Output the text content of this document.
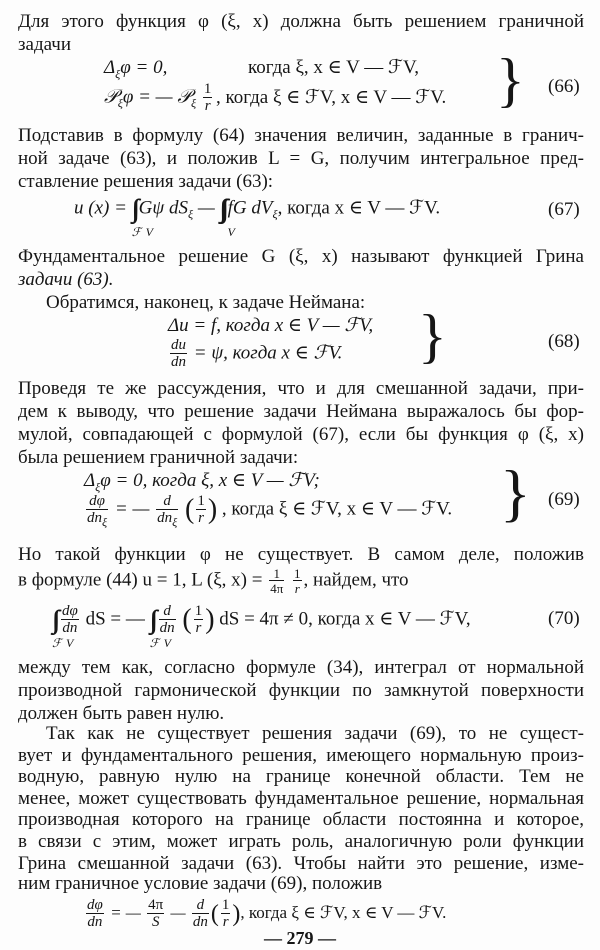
Для этого функция φ (ξ, x) должна быть решением граничной
задачи
$\Delta_\xi\varphi = 0$,	когда ξ, x ∈ V — ℱV,
𝒫$_\xi$φ = — 𝒫$_\xi$ $\frac{1}{r}$ , когда ξ ∈ ℱV, x ∈ V — ℱV. } (66)
Подставив в формулу (64) значения величин, заданные в гранич-
ной задаче (63), и положив L = G, получим интегральное пред-
ставление решения задачи (63):
u (x) = ∫∫
ℱ V
Gψ $dS_\xi$ — ∫∫∫
V
fG $dV_\xi$, когда x ∈ V — ℱV.	(67)
Фундаментальное решение G (ξ, x) называют функцией Грина
задачи (63).
Обратимся, наконец, к задаче Неймана:
Δu = f, когда x ∈ V — ℱV,
$\frac{du}{dn} = \psi$, когда x ∈ ℱV. }	(68)
Проведя те же рассуждения, что и для смешанной задачи, при-
дем к выводу, что решение задачи Неймана выражалось бы фор-
мулой, совпадающей с формулой (67), если бы функция φ (ξ, x)
была решением граничной задачи:
$\Delta_\xi\varphi = 0$, когда ξ, x ∈ V — ℱV;
$\frac{d\varphi}{dn_\xi}$ = — $\frac{d}{dn_\xi}$ ( $\frac{1}{r}$ ) , когда ξ ∈ ℱV, x ∈ V — ℱV. } (69)
Но такой функции φ не существует. В самом деле, положив
в формуле (44) u = 1, L (ξ, $x) = \frac{1}{4\pi}$
$\frac{1}{r}$ , найдем, что
∫∫
ℱ V

$\frac{d\varphi}{dn}$ dS = — ∫∫
ℱ V

$\frac{d}{dn}$ ( $\frac{1}{r}$ ) dS = 4π ≠ 0, когда x ∈ V — ℱV,	(70)
между тем как, согласно формуле (34), интеграл от нормальной
производной гармонической функции по замкнутой поверхности
должен быть равен нулю.
Так как не существует решения задачи (69), то не сущест-
вует и фундаментального решения, имеющего нормальную произ-
водную, равную нулю на границе конечной области. Тем не
менее, может существовать фундаментальное решение, нормальная
производная которого на границе области постоянна и которое,
в связи с этим, может играть роль, аналогичную роли функции
Грина смешанной задачи (63). Чтобы найти это решение, изме-
$\frac{d\varphi}{dn}$ = — $\frac{4\pi}{S}$ — $\frac{d}{dn}$ ( $\frac{1}{r}$ ), когда ξ ∈ ℱV, x ∈ V — ℱV.
— 279 —
ним граничное условие задачи (69), положив
